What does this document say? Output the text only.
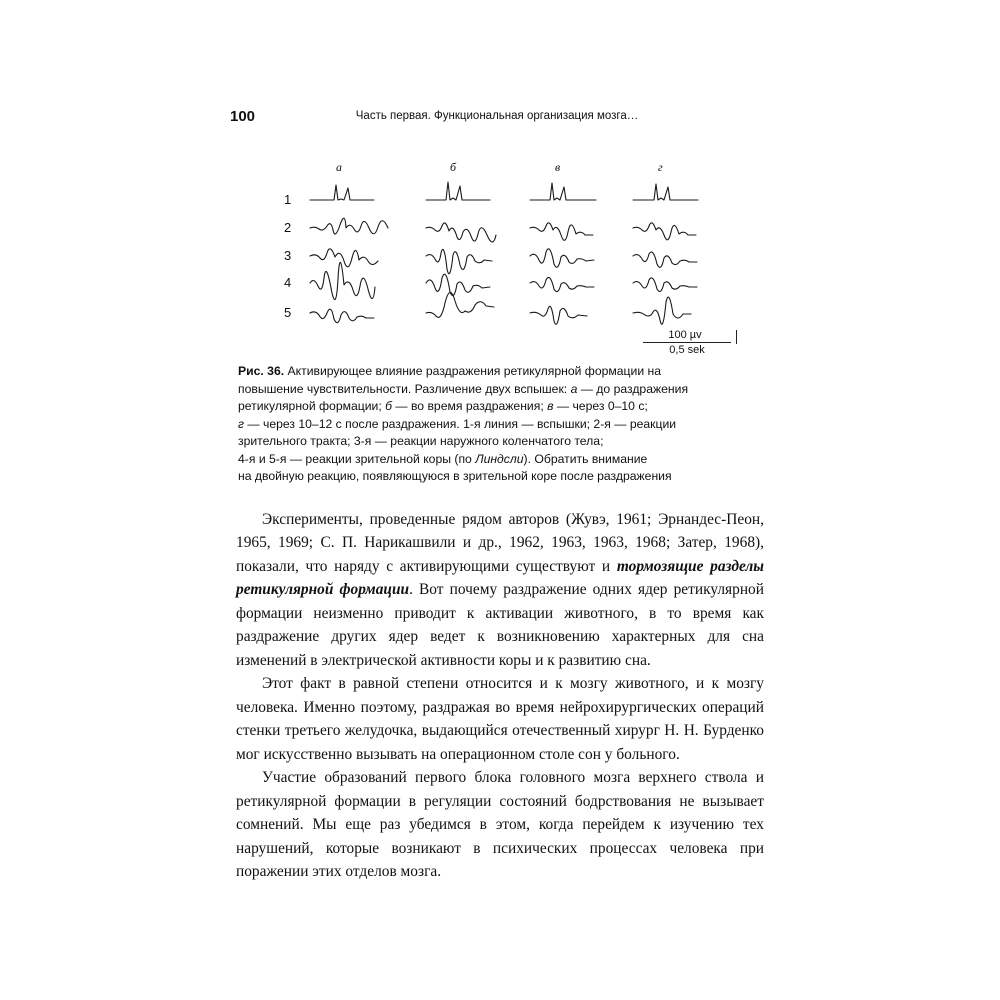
100	Часть первая. Функциональная организация мозга…
а	б	в	г
1
2
3
4
5
100 µv
0,5 sek
Рис. 36. Активирующее влияние раздражения ретикулярной формации на
повышение чувствительности. Различение двух вспышек: а — до раздражения
ретикулярной формации; б — во время раздражения; в — через 0–10 с;
г — через 10–12 с после раздражения. 1-я линия — вспышки; 2-я — реакции
зрительного тракта; 3-я — реакции наружного коленчатого тела;
4-я и 5-я — реакции зрительной коры (по Линдсли). Обратить внимание
на двойную реакцию, появляющуюся в зрительной коре после раздражения

Эксперименты, проведенные рядом авторов (Жувэ, 1961; Эрнандес-Пеон, 1965, 1969; С. П. Нарикашвили и др., 1962, 1963, 1963, 1968; Затер, 1968), показали, что наряду с активирующими существуют и тормозящие разделы ретикулярной формации. Вот почему раздражение одних ядер ретикулярной формации неизменно приводит к активации животного, в то время как раздражение других ядер ведет к возникновению характерных для сна изменений в электрической активности коры и к развитию сна.

Этот факт в равной степени относится и к мозгу животного, и к мозгу человека. Именно поэтому, раздражая во время нейрохирургических операций стенки третьего желудочка, выдающийся отечественный хирург Н. Н. Бурденко мог искусственно вызывать на операционном столе сон у больного.

Участие образований первого блока головного мозга верхнего ствола и ретикулярной формации в регуляции состояний бодрствования не вызывает сомнений. Мы еще раз убедимся в этом, когда перейдем к изучению тех нарушений, которые возникают в психических процессах человека при поражении этих отделов мозга.
